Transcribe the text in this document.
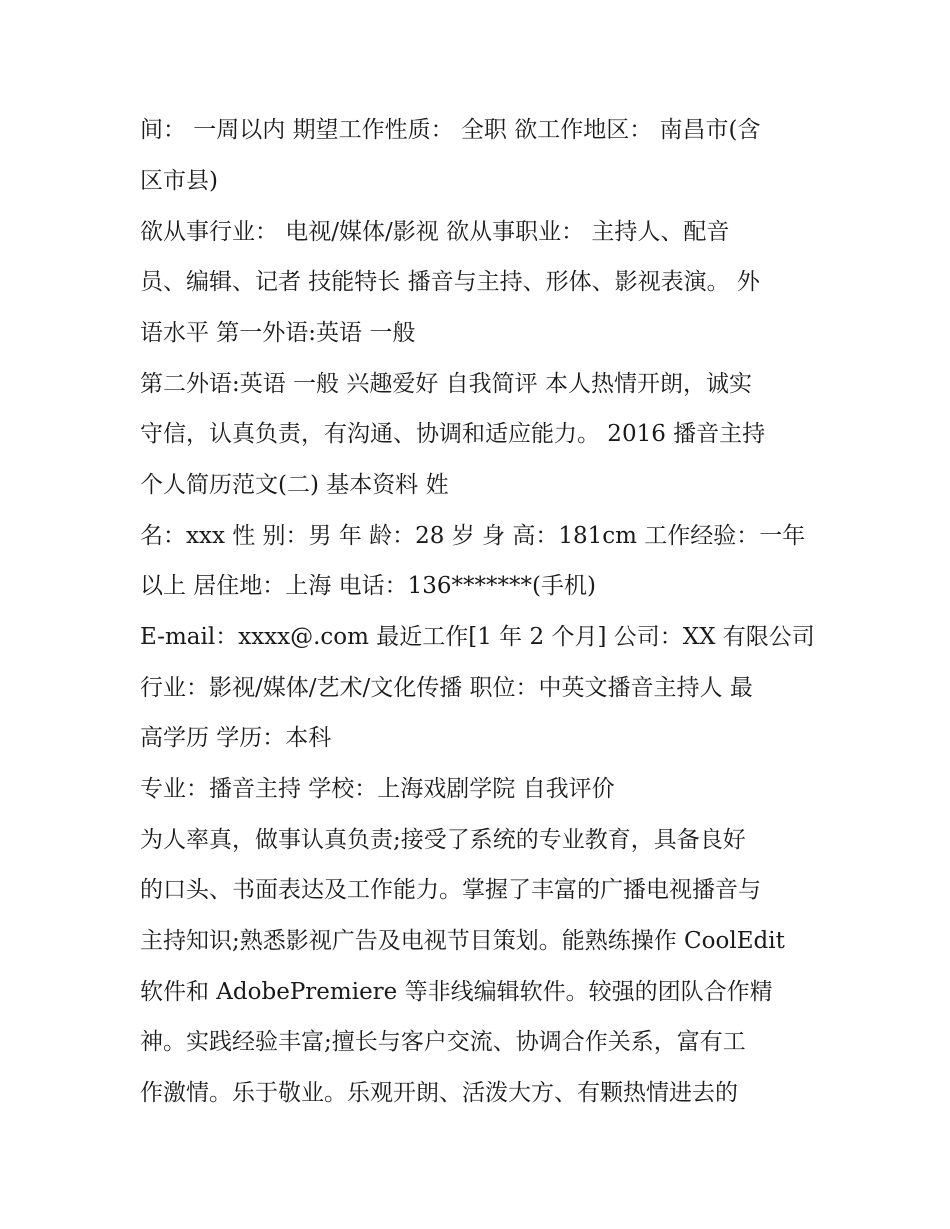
间： 一周以内 期望工作性质： 全职 欲工作地区： 南昌市(含
区市县)
欲从事行业： 电视/媒体/影视 欲从事职业： 主持人、配音
员、编辑、记者 技能特长 播音与主持、形体、影视表演。 外
语水平 第一外语:英语 一般
第二外语:英语 一般 兴趣爱好 自我简评 本人热情开朗，诚实
守信，认真负责，有沟通、协调和适应能力。 2016 播音主持
个人简历范文(二) 基本资料 姓
名：xxx 性 别：男 年 龄：28 岁 身 高：181cm 工作经验：一年
以上 居住地：上海 电话：136*******(手机)
E-mail：xxxx@.com 最近工作[1 年 2 个月] 公司：XX 有限公司
行业：影视/媒体/艺术/文化传播 职位：中英文播音主持人 最
高学历 学历：本科
专业：播音主持 学校：上海戏剧学院 自我评价
为人率真，做事认真负责;接受了系统的专业教育，具备良好
的口头、书面表达及工作能力。掌握了丰富的广播电视播音与
主持知识;熟悉影视广告及电视节目策划。能熟练操作 CoolEdit
软件和 AdobePremiere 等非线编辑软件。较强的团队合作精
神。实践经验丰富;擅长与客户交流、协调合作关系，富有工
作激情。乐于敬业。乐观开朗、活泼大方、有颗热情进去的
